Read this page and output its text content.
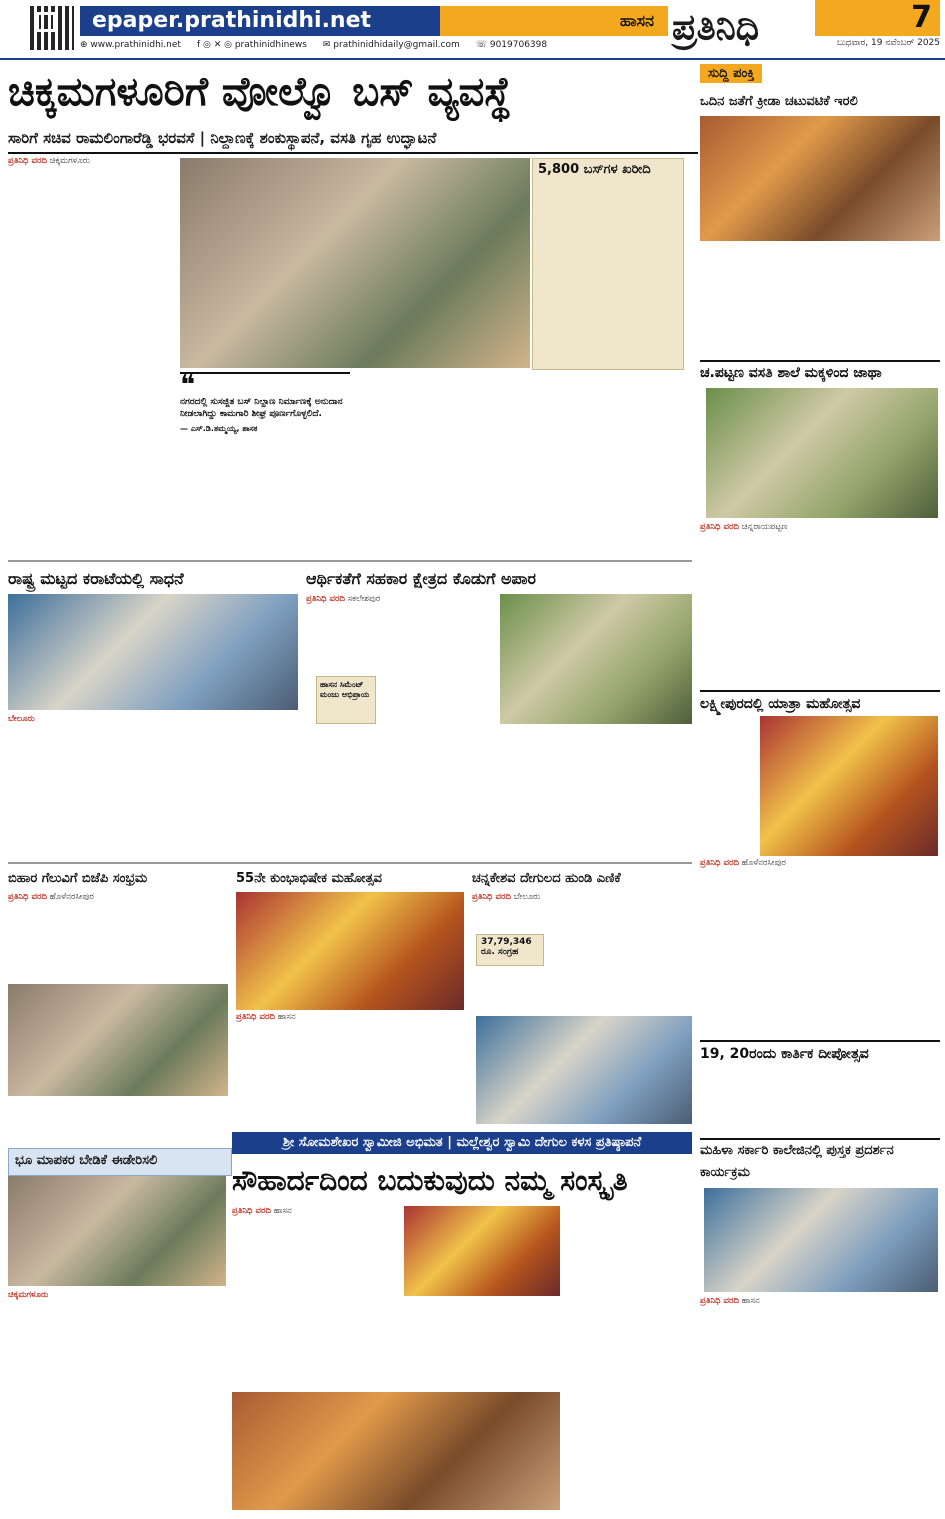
epaper.prathinidhi.net	ಹಾಸನ
⊕ www.prathinidhi.net f ◎ ✕ ◎ prathinidhinews ✉ prathinidhidaily@gmail.com ☏ 9019706398	ಪ್ರತಿನಿಧಿ	7
ಬುಧವಾರ, 19 ನವೆಂಬರ್ 2025
ಚಿಕ್ಕಮಗಳೂರಿಗೆ ವೋಲ್ವೊ ಬಸ್ ವ್ಯವಸ್ಥೆ
ಸಾರಿಗೆ ಸಚಿವ ರಾಮಲಿಂಗಾರೆಡ್ಡಿ ಭರವಸೆ | ನಿಲ್ದಾಣಕ್ಕೆ ಶಂಕುಸ್ಥಾಪನೆ, ವಸತಿ ಗೃಹ ಉದ್ಘಾಟನೆ
ಪ್ರತಿನಿಧಿ ವರದಿ ಚಿಕ್ಕಮಗಳೂರು
5,800 ಬಸ್‌ಗಳ ಖರೀದಿ
❝
ನಗರದಲ್ಲಿ ಸುಸಜ್ಜಿತ ಬಸ್ ನಿಲ್ದಾಣ ನಿರ್ಮಾಣಕ್ಕೆ ಅನುದಾನ ನೀಡಲಾಗಿದ್ದು ಕಾಮಗಾರಿ ಶೀಘ್ರ ಪೂರ್ಣಗೊಳ್ಳಲಿದೆ.
— ಎಸ್.ಡಿ.ತಮ್ಮಯ್ಯ, ಶಾಸಕ
ಸುದ್ದಿ ಪಂಕ್ತಿ
ಒದಿನ ಜತೆಗೆ ಕ್ರೀಡಾ ಚಟುವಟಿಕೆ ಇರಲಿ
ಚ.ಪಟ್ಟಣ ವಸತಿ ಶಾಲೆ ಮಕ್ಕಳಿಂದ ಜಾಥಾ
ಪ್ರತಿನಿಧಿ ವರದಿ ಚನ್ನರಾಯಪಟ್ಟಣ
ಲಕ್ಷ್ಮೀಪುರದಲ್ಲಿ ಯಾತ್ರಾ ಮಹೋತ್ಸವ
ಪ್ರತಿನಿಧಿ ವರದಿ ಹೊಳೆನರಸೀಪುರ
19, 20ರಂದು ಕಾರ್ತಿಕ ದೀಪೋತ್ಸವ
ರಾಷ್ಟ್ರ ಮಟ್ಟದ ಕರಾಟೆಯಲ್ಲಿ ಸಾಧನೆ
ಬೇಲೂರು
ಆರ್ಥಿಕತೆಗೆ ಸಹಕಾರ ಕ್ಷೇತ್ರದ ಕೊಡುಗೆ ಅಪಾರ
ಪ್ರತಿನಿಧಿ ವರದಿ ಸಕಲೇಶಪುರ
ಹಾಸನ ಸಿಮೆಂಟ್ ಮಂಜು ಅಭಿಪ್ರಾಯ
ಬಿಹಾರ ಗೆಲುವಿಗೆ ಬಿಜೆಪಿ ಸಂಭ್ರಮ
ಪ್ರತಿನಿಧಿ ವರದಿ ಹೊಳೆನರಸೀಪುರ
55ನೇ ಕುಂಭಾಭಿಷೇಕ ಮಹೋತ್ಸವ
ಪ್ರತಿನಿಧಿ ವರದಿ ಹಾಸನ
ಚನ್ನಕೇಶವ ದೇಗುಲದ ಹುಂಡಿ ಎಣಿಕೆ
ಪ್ರತಿನಿಧಿ ವರದಿ ಬೇಲೂರು
37,79,346
ರೂ. ಸಂಗ್ರಹ
ಶ್ರೀ ಸೋಮಶೇಖರ ಸ್ವಾಮೀಜಿ ಅಭಿಮತ | ಮಲ್ಲೇಶ್ವರ ಸ್ವಾಮಿ ದೇಗುಲ ಕಳಸ ಪ್ರತಿಷ್ಠಾಪನೆ
ಸೌಹಾರ್ದದಿಂದ ಬದುಕುವುದು ನಮ್ಮ ಸಂಸ್ಕೃತಿ
ಪ್ರತಿನಿಧಿ ವರದಿ ಹಾಸನ
ಭೂ ಮಾಪಕರ ಬೇಡಿಕೆ ಈಡೇರಿಸಲಿ
ಚಿಕ್ಕಮಗಳೂರು
ಮಹಿಳಾ ಸರ್ಕಾರಿ ಕಾಲೇಜಿನಲ್ಲಿ ಪುಸ್ತಕ ಪ್ರದರ್ಶನ ಕಾರ್ಯಕ್ರಮ
ಪ್ರತಿನಿಧಿ ವರದಿ ಹಾಸನ
